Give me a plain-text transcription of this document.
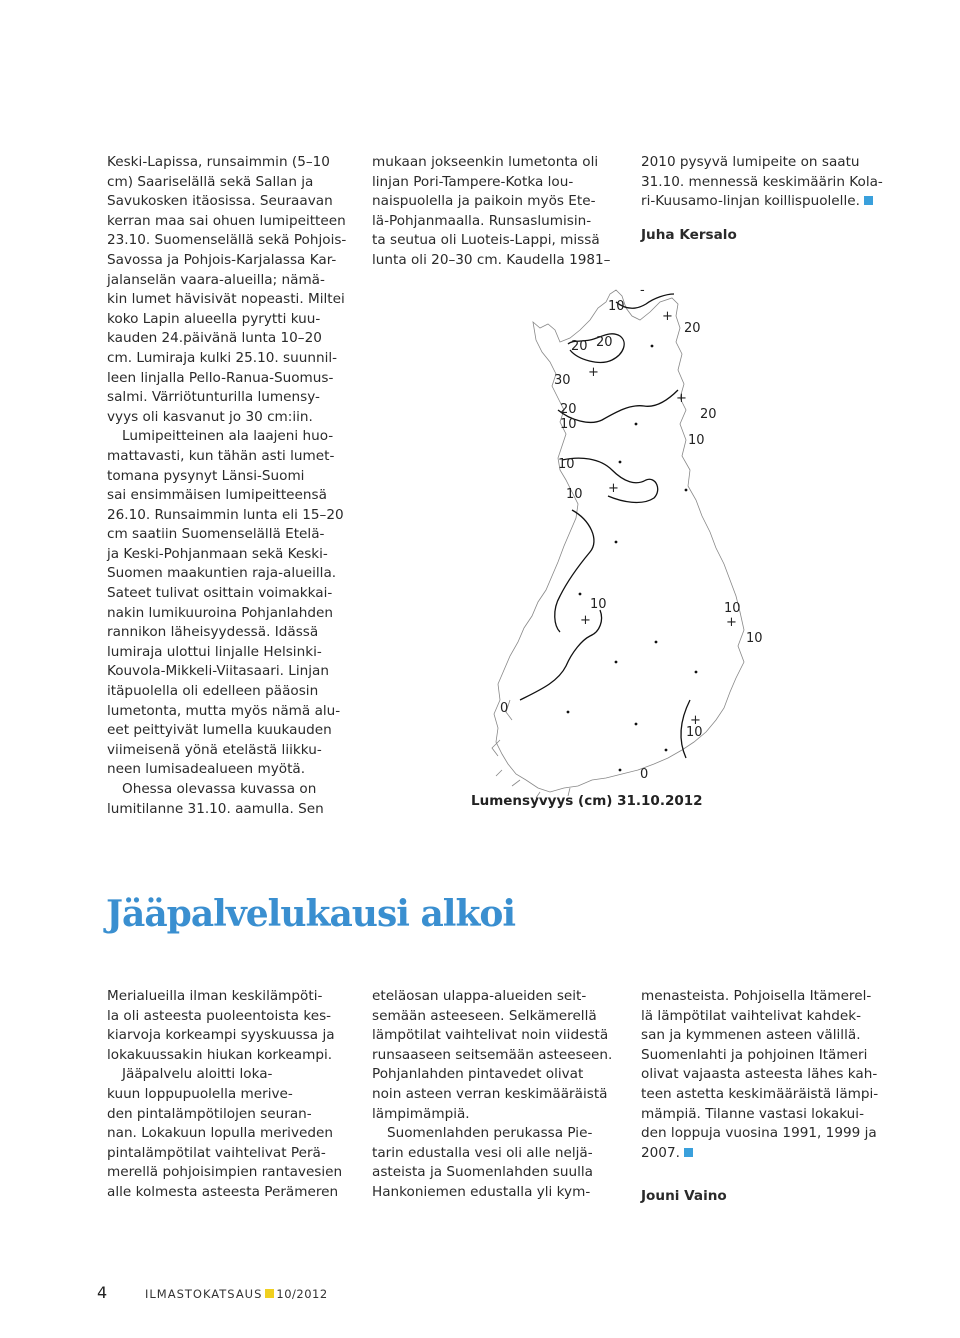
Keski-Lapissa, runsaimmin (5–10
cm) Saariselällä sekä Sallan ja
Savukosken itäosissa. Seuraavan
kerran maa sai ohuen lumipeitteen
23.10. Suomenselällä sekä Pohjois-
Savossa ja Pohjois-Karjalassa Kar-
jalanselän vaara-alueilla; nämä-
kin lumet hävisivät nopeasti. Miltei
koko Lapin alueella pyrytti kuu-
kauden 24.päivänä lunta 10–20
cm. Lumiraja kulki 25.10. suunnil-
leen linjalla Pello-Ranua-Suomus-
salmi. Värriötunturilla lumensy-
vyys oli kasvanut jo 30 cm:iin.
Lumipeitteinen ala laajeni huo-
mattavasti, kun tähän asti lumet-
tomana pysynyt Länsi-Suomi
sai ensimmäisen lumipeitteensä
26.10. Runsaimmin lunta eli 15–20
cm saatiin Suomenselällä Etelä-
ja Keski-Pohjanmaan sekä Keski-
Suomen maakuntien raja-alueilla.
Sateet tulivat osittain voimakkai-
nakin lumikuuroina Pohjanlahden
rannikon läheisyydessä. Idässä
lumiraja ulottui linjalle Helsinki-
Kouvola-Mikkeli-Viitasaari. Linjan
itäpuolella oli edelleen pääosin
lumetonta, mutta myös nämä alu-
eet peittyivät lumella kuukauden
viimeisenä yönä etelästä liikku-
neen lumisadealueen myötä.
Ohessa olevassa kuvassa on
lumitilanne 31.10. aamulla. Sen

mukaan jokseenkin lumetonta oli
linjan Pori-Tampere-Kotka lou-
naispuolella ja paikoin myös Ete-
lä-Pohjanmaalla. Runsaslumisin-
ta seutua oli Luoteis-Lappi, missä
lunta oli 20–30 cm. Kaudella 1981–

2010 pysyvä lumipeite on saatu
31.10. mennessä keskimäärin Kola-
ri-Kuusamo-linjan koillispuolelle.

Juha Kersalo

10
20
20 20
30
20
10
20
10
10
10
10	10
10
0
10
0
-
+
+
+
+
+	+
+
Lumensyvyys (cm) 31.10.2012
Jääpalvelukausi alkoi

Merialueilla ilman keskilämpöti-
la oli asteesta puoleentoista kes-
kiarvoja korkeampi syyskuussa ja
lokakuussakin hiukan korkeampi.
Jääpalvelu aloitti loka-
kuun loppupuolella merive-
den pintalämpötilojen seuran-
nan. Lokakuun lopulla meriveden
pintalämpötilat vaihtelivat Perä-
merellä pohjoisimpien rantavesien
alle kolmesta asteesta Perämeren

eteläosan ulappa-alueiden seit-
semään asteeseen. Selkämerellä
lämpötilat vaihtelivat noin viidestä
runsaaseen seitsemään asteeseen.
Pohjanlahden pintavedet olivat
noin asteen verran keskimääräistä
lämpimämpiä.
Suomenlahden perukassa Pie-
tarin edustalla vesi oli alle neljä-
asteista ja Suomenlahden suulla
Hankoniemen edustalla yli kym-

menasteista. Pohjoisella Itämerel-
lä lämpötilat vaihtelivat kahdek-
san ja kymmenen asteen välillä.
Suomenlahti ja pohjoinen Itämeri
olivat vajaasta asteesta lähes kah-
teen astetta keskimääräistä lämpi-
mämpiä. Tilanne vastasi lokakui-
den loppuja vuosina 1991, 1999 ja
2007.

Jouni Vaino

4	ILMASTOKATSAUS 10/2012
